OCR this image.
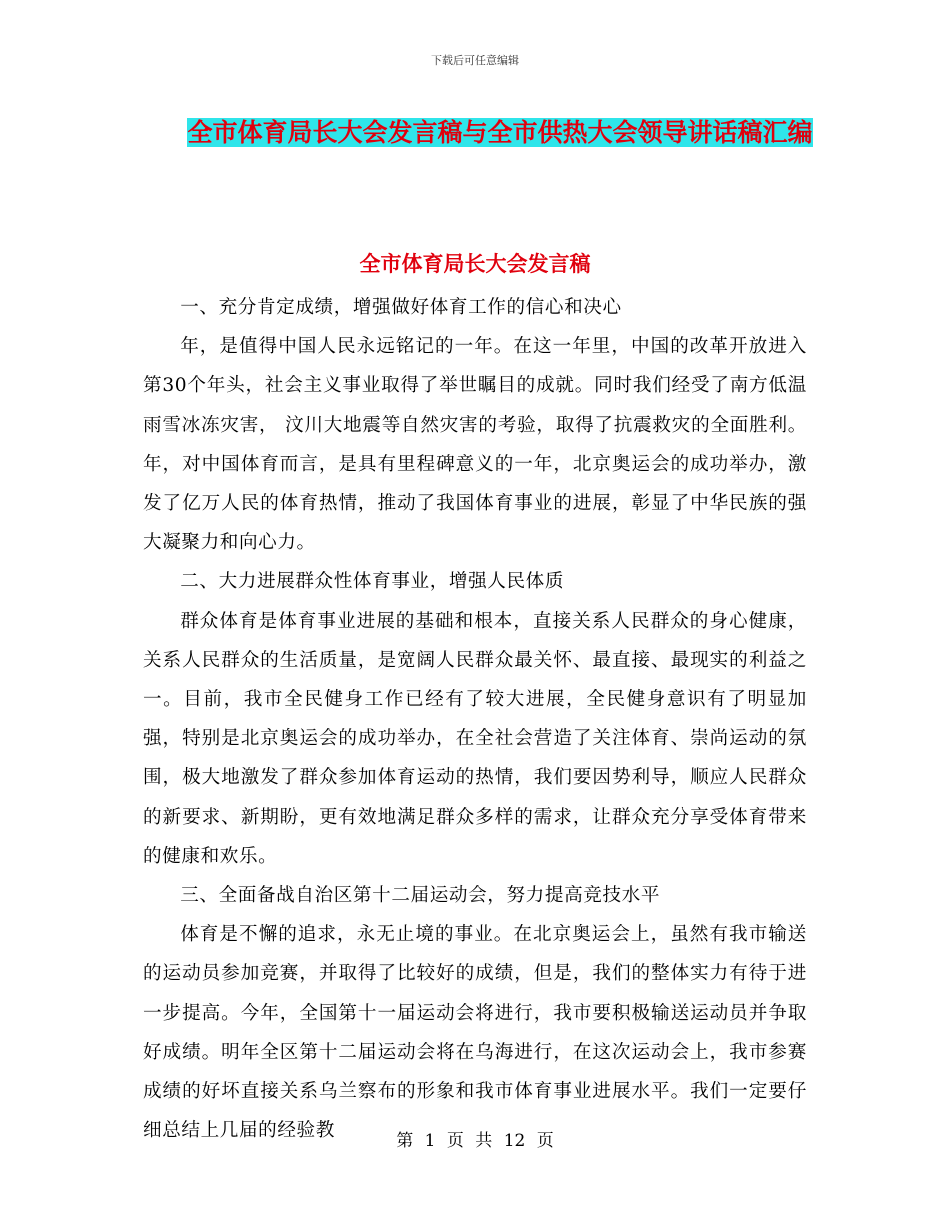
下载后可任意编辑
全市体育局长大会发言稿与全市供热大会领导讲话稿汇编
全市体育局长大会发言稿

一、充分肯定成绩，增强做好体育工作的信心和决心

年，是值得中国人民永远铭记的一年。在这一年里，中国的改革开放进入第30个年头，社会主义事业取得了举世瞩目的成就。同时我们经受了南方低温雨雪冰冻灾害， 汶川大地震等自然灾害的考验，取得了抗震救灾的全面胜利。年，对中国体育而言，是具有里程碑意义的一年，北京奥运会的成功举办，激发了亿万人民的体育热情，推动了我国体育事业的进展，彰显了中华民族的强大凝聚力和向心力。

二、大力进展群众性体育事业，增强人民体质

群众体育是体育事业进展的基础和根本，直接关系人民群众的身心健康，关系人民群众的生活质量，是宽阔人民群众最关怀、最直接、最现实的利益之一。目前，我市全民健身工作已经有了较大进展，全民健身意识有了明显加强，特别是北京奥运会的成功举办，在全社会营造了关注体育、崇尚运动的氛围，极大地激发了群众参加体育运动的热情，我们要因势利导，顺应人民群众的新要求、新期盼，更有效地满足群众多样的需求，让群众充分享受体育带来的健康和欢乐。

三、全面备战自治区第十二届运动会，努力提高竞技水平

体育是不懈的追求，永无止境的事业。在北京奥运会上，虽然有我市输送的运动员参加竞赛，并取得了比较好的成绩，但是，我们的整体实力有待于进一步提高。今年，全国第十一届运动会将进行，我市要积极输送运动员并争取好成绩。明年全区第十二届运动会将在乌海进行，在这次运动会上，我市参赛成绩的好坏直接关系乌兰察布的形象和我市体育事业进展水平。我们一定要仔细总结上几届的经验教	第 1 页 共 12 页
